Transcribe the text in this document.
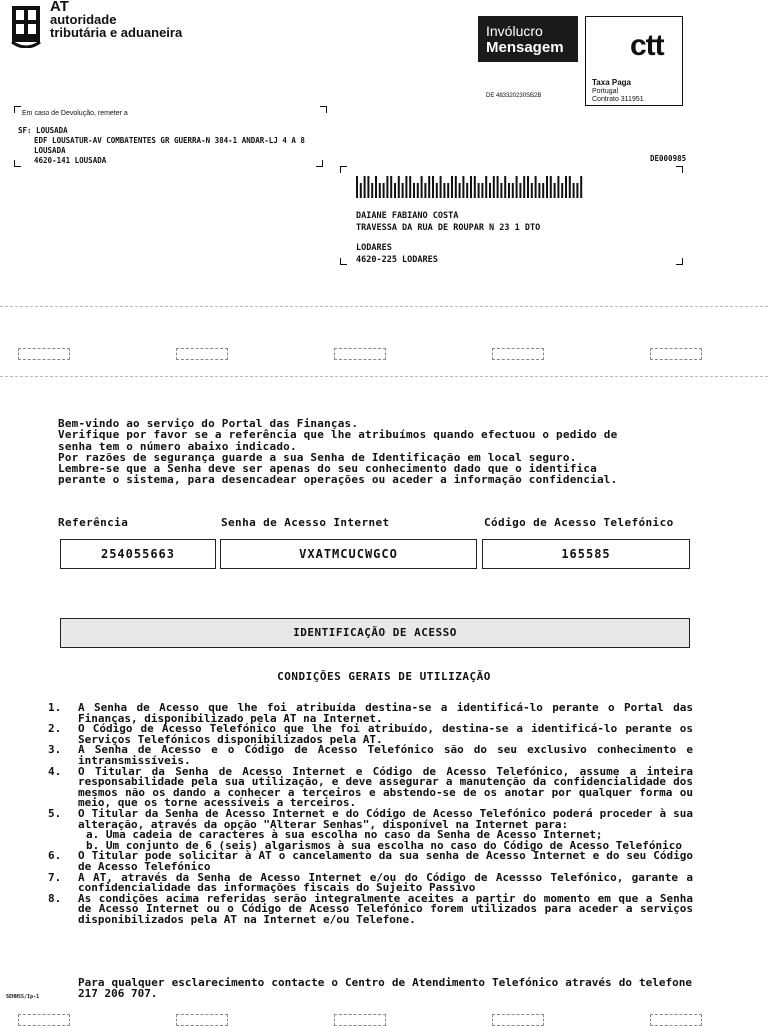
AT
autoridade
tributária e aduaneira	Invólucro
Mensagem
DE 483320230SB2B
ctt
Taxa Paga
Portugal
Contrato 311951
Em caso de Devolução, remeter a
SF: LOUSADA
EDF LOUSATUR-AV COMBATENTES GR GUERRA-N 384-1 ANDAR-LJ 4 A 8
LOUSADA
4620-141 LOUSADA	DE000985
DAIANE FABIANO COSTA
TRAVESSA DA RUA DE ROUPAR N 23 1 DTO
LODARES
4620-225 LODARES
Bem-vindo ao serviço do Portal das Finanças.
Verifique por favor se a referência que lhe atribuímos quando efectuou o pedido de
senha tem o número abaixo indicado.
Por razões de segurança guarde a sua Senha de Identificação em local seguro.
Lembre-se que a Senha deve ser apenas do seu conhecimento dado que o identifica
perante o sistema, para desencadear operações ou aceder a informação confidencial.
Referência	Senha de Acesso Internet	Código de Acesso Telefónico
254055663	VXATMCUCWGCO	165585
IDENTIFICAÇÃO DE ACESSO
CONDIÇÕES GERAIS DE UTILIZAÇÃO
1.	A Senha de Acesso que lhe foi atribuída destina-se a identificá-lo perante o Portal das Finanças, disponibilizado pela AT na Internet.
2.	O Código de Acesso Telefónico que lhe foi atribuído, destina-se a identificá-lo perante os Serviços Telefónicos disponibilizados pela AT.
3.	A Senha de Acesso e o Código de Acesso Telefónico são do seu exclusivo conhecimento e intransmissíveis.
4.	O Titular da Senha de Acesso Internet e Código de Acesso Telefónico, assume a inteira responsabilidade pela sua utilização, e deve assegurar a manutenção da confidencialidade dos mesmos não os dando a conhecer a terceiros e abstendo-se de os anotar por qualquer forma ou meio, que os torne acessíveis a terceiros.
5.	O Titular da Senha de Acesso Internet e do Código de Acesso Telefónico poderá proceder à sua alteração, através da opção "Alterar Senhas", disponível na Internet para:
a. Uma cadeia de caracteres à sua escolha no caso da Senha de Acesso Internet;
b. Um conjunto de 6 (seis) algarismos à sua escolha no caso do Código de Acesso Telefónico
6.	O Titular pode solicitar à AT o cancelamento da sua senha de Acesso Internet e do seu Código de Acesso Telefónico
7.	A AT, através da Senha de Acesso Internet e/ou do Código de Acessso Telefónico, garante a confidencialidade das informações fiscais do Sujeito Passivo
8.	As condições acima referidas serão integralmente aceites a partir do momento em que a Senha de Acesso Internet ou o Código de Acesso Telefónico forem utilizados para aceder a serviços disponibilizados pela AT na Internet e/ou Telefone.
Para qualquer esclarecimento contacte o Centro de Atendimento Telefónico através do telefone 217 206 707.
SEHN55/Ip-1
